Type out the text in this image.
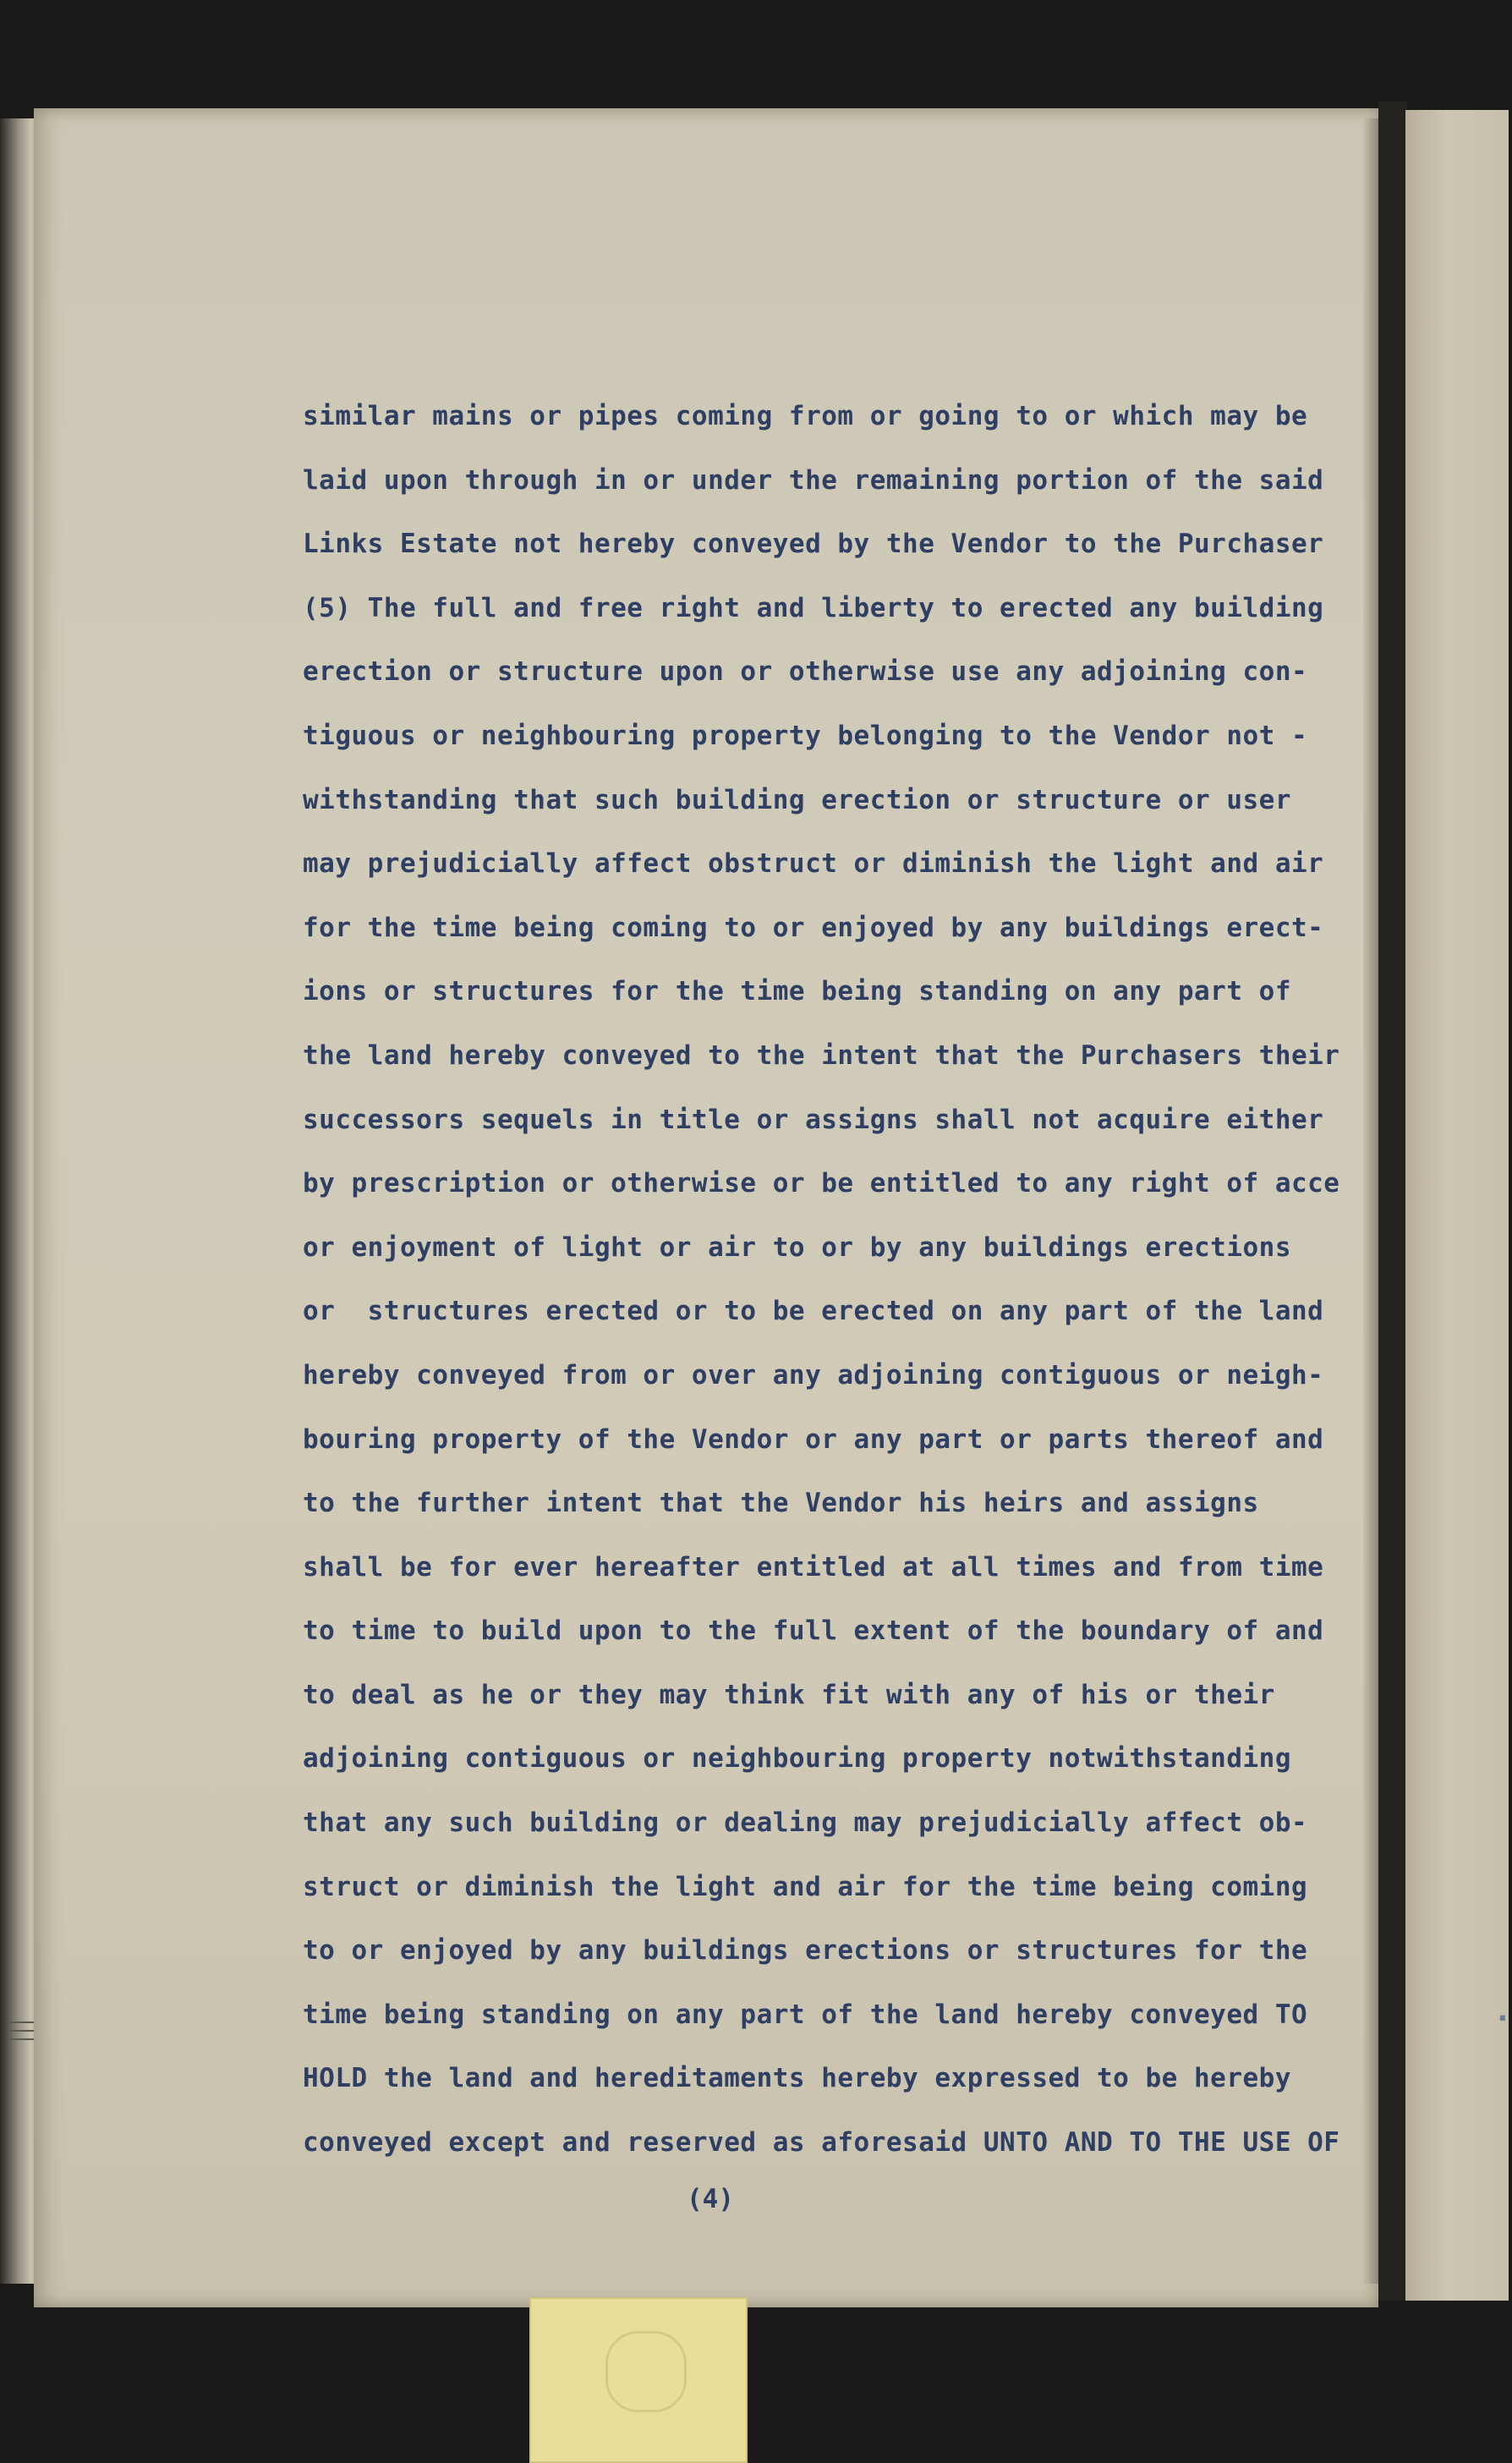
·
similar mains or pipes coming from or going to or which may be
laid upon through in or under the remaining portion of the said
Links Estate not hereby conveyed by the Vendor to the Purchaser
(5) The full and free right and liberty to erected any building
erection or structure upon or otherwise use any adjoining con-
tiguous or neighbouring property belonging to the Vendor not -
withstanding that such building erection or structure or user
may prejudicially affect obstruct or diminish the light and air
for the time being coming to or enjoyed by any buildings erect-
ions or structures for the time being standing on any part of
the land hereby conveyed to the intent that the Purchasers their
successors sequels in title or assigns shall not acquire either
by prescription or otherwise or be entitled to any right of acce
or enjoyment of light or air to or by any buildings erections
or  structures erected or to be erected on any part of the land
hereby conveyed from or over any adjoining contiguous or neigh-
bouring property of the Vendor or any part or parts thereof and
to the further intent that the Vendor his heirs and assigns
shall be for ever hereafter entitled at all times and from time
to time to build upon to the full extent of the boundary of and
to deal as he or they may think fit with any of his or their
adjoining contiguous or neighbouring property notwithstanding
that any such building or dealing may prejudicially affect ob-
struct or diminish the light and air for the time being coming
to or enjoyed by any buildings erections or structures for the
time being standing on any part of the land hereby conveyed TO
HOLD the land and hereditaments hereby expressed to be hereby
conveyed except and reserved as aforesaid UNTO AND TO THE USE OF
(4)
